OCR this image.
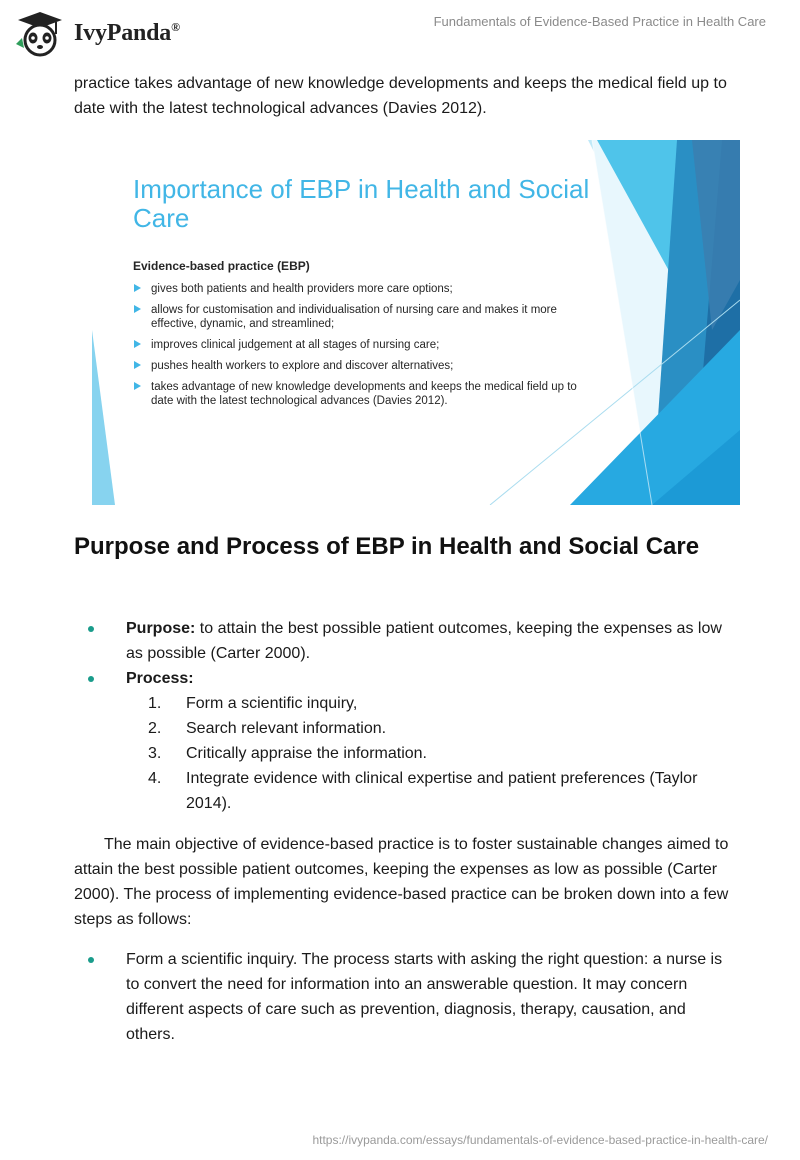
IvyPanda®	Fundamentals of Evidence-Based Practice in Health Care

practice takes advantage of new knowledge developments and keeps the medical field up to date with the latest technological advances (Davies 2012).

Importance of EBP in Health and Social Care

Evidence-based practice (EBP)

gives both patients and health providers more care options;
allows for customisation and individualisation of nursing care and makes it more effective, dynamic, and streamlined;
improves clinical judgement at all stages of nursing care;
pushes health workers to explore and discover alternatives;
takes advantage of new knowledge developments and keeps the medical field up to date with the latest technological advances (Davies 2012).
Purpose and Process of EBP in Health and Social Care
Purpose: to attain the best possible patient outcomes, keeping the expenses as low as possible (Carter 2000).
Process:
1. Form a scientific inquiry,
2. Search relevant information.
3. Critically appraise the information.
4. Integrate evidence with clinical expertise and patient preferences (Taylor 2014).

The main objective of evidence-based practice is to foster sustainable changes aimed to attain the best possible patient outcomes, keeping the expenses as low as possible (Carter 2000). The process of implementing evidence-based practice can be broken down into a few steps as follows:

Form a scientific inquiry. The process starts with asking the right question: a nurse is to convert the need for information into an answerable question. It may concern different aspects of care such as prevention, diagnosis, therapy, causation, and others.
https://ivypanda.com/essays/fundamentals-of-evidence-based-practice-in-health-care/
